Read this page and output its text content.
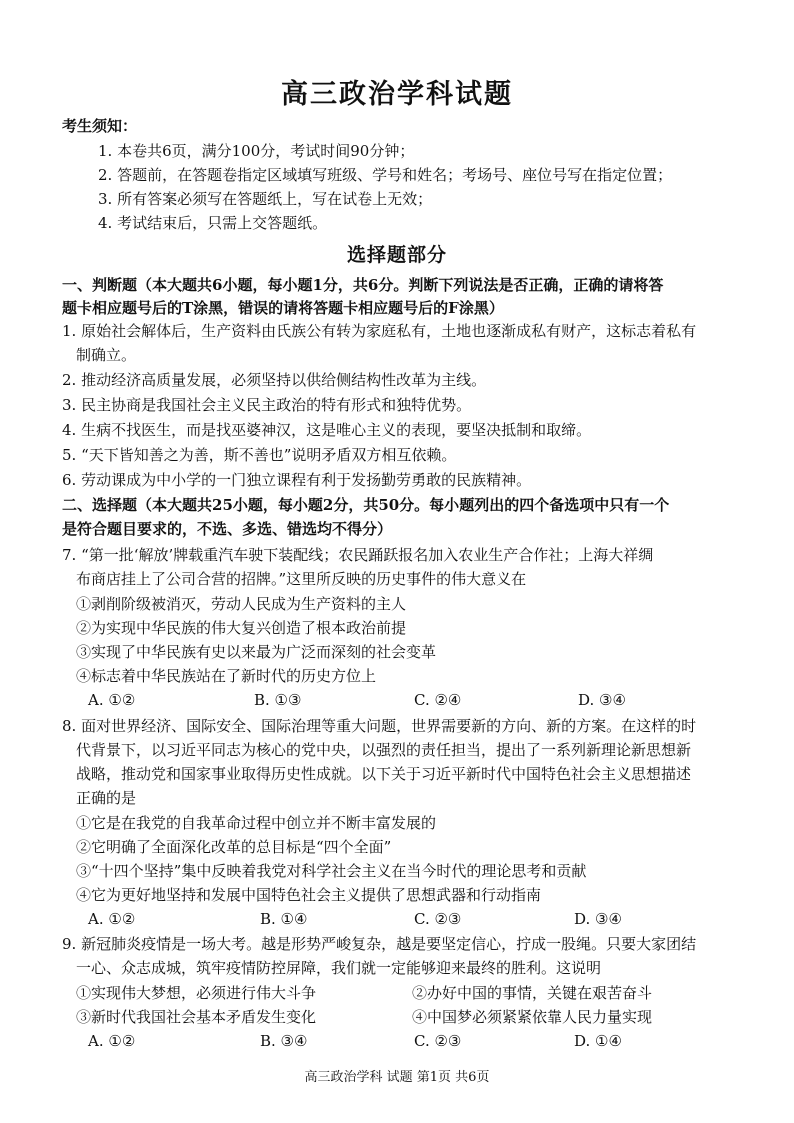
高三政治学科试题
考生须知：
1. 本卷共6页，满分100分，考试时间90分钟；
2. 答题前，在答题卷指定区域填写班级、学号和姓名；考场号、座位号写在指定位置；
3. 所有答案必须写在答题纸上，写在试卷上无效；
4. 考试结束后，只需上交答题纸。
选择题部分
一、判断题（本大题共6小题，每小题1分，共6分。判断下列说法是否正确，正确的请将答
题卡相应题号后的T涂黑，错误的请将答题卡相应题号后的F涂黑）
1. 原始社会解体后，生产资料由氏族公有转为家庭私有，土地也逐渐成私有财产，这标志着私有
制确立。
2. 推动经济高质量发展，必须坚持以供给侧结构性改革为主线。
3. 民主协商是我国社会主义民主政治的特有形式和独特优势。
4. 生病不找医生，而是找巫婆神汉，这是唯心主义的表现，要坚决抵制和取缔。
5. “天下皆知善之为善，斯不善也”说明矛盾双方相互依赖。
6. 劳动课成为中小学的一门独立课程有利于发扬勤劳勇敢的民族精神。
二、选择题（本大题共25小题，每小题2分，共50分。每小题列出的四个备选项中只有一个
是符合题目要求的，不选、多选、错选均不得分）
7. “第一批‘解放’牌载重汽车驶下装配线；农民踊跃报名加入农业生产合作社；上海大祥绸
布商店挂上了公司合营的招牌。”这里所反映的历史事件的伟大意义在
①剥削阶级被消灭，劳动人民成为生产资料的主人
②为实现中华民族的伟大复兴创造了根本政治前提
③实现了中华民族有史以来最为广泛而深刻的社会变革
④标志着中华民族站在了新时代的历史方位上
A. ①②	B. ①③	C. ②④	D. ③④
8. 面对世界经济、国际安全、国际治理等重大问题，世界需要新的方向、新的方案。在这样的时
代背景下，以习近平同志为核心的党中央，以强烈的责任担当，提出了一系列新理论新思想新
战略，推动党和国家事业取得历史性成就。以下关于习近平新时代中国特色社会主义思想描述
正确的是
①它是在我党的自我革命过程中创立并不断丰富发展的
②它明确了全面深化改革的总目标是“四个全面”
③“十四个坚持”集中反映着我党对科学社会主义在当今时代的理论思考和贡献
④它为更好地坚持和发展中国特色社会主义提供了思想武器和行动指南
A. ①②	B. ①④	C. ②③	D. ③④
9. 新冠肺炎疫情是一场大考。越是形势严峻复杂，越是要坚定信心，拧成一股绳。只要大家团结
一心、众志成城，筑牢疫情防控屏障，我们就一定能够迎来最终的胜利。这说明
①实现伟大梦想，必须进行伟大斗争	②办好中国的事情，关键在艰苦奋斗
③新时代我国社会基本矛盾发生变化	④中国梦必须紧紧依靠人民力量实现
A. ①②	B. ③④	C. ②③	D. ①④
高三政治学科 试题 第1页 共6页
